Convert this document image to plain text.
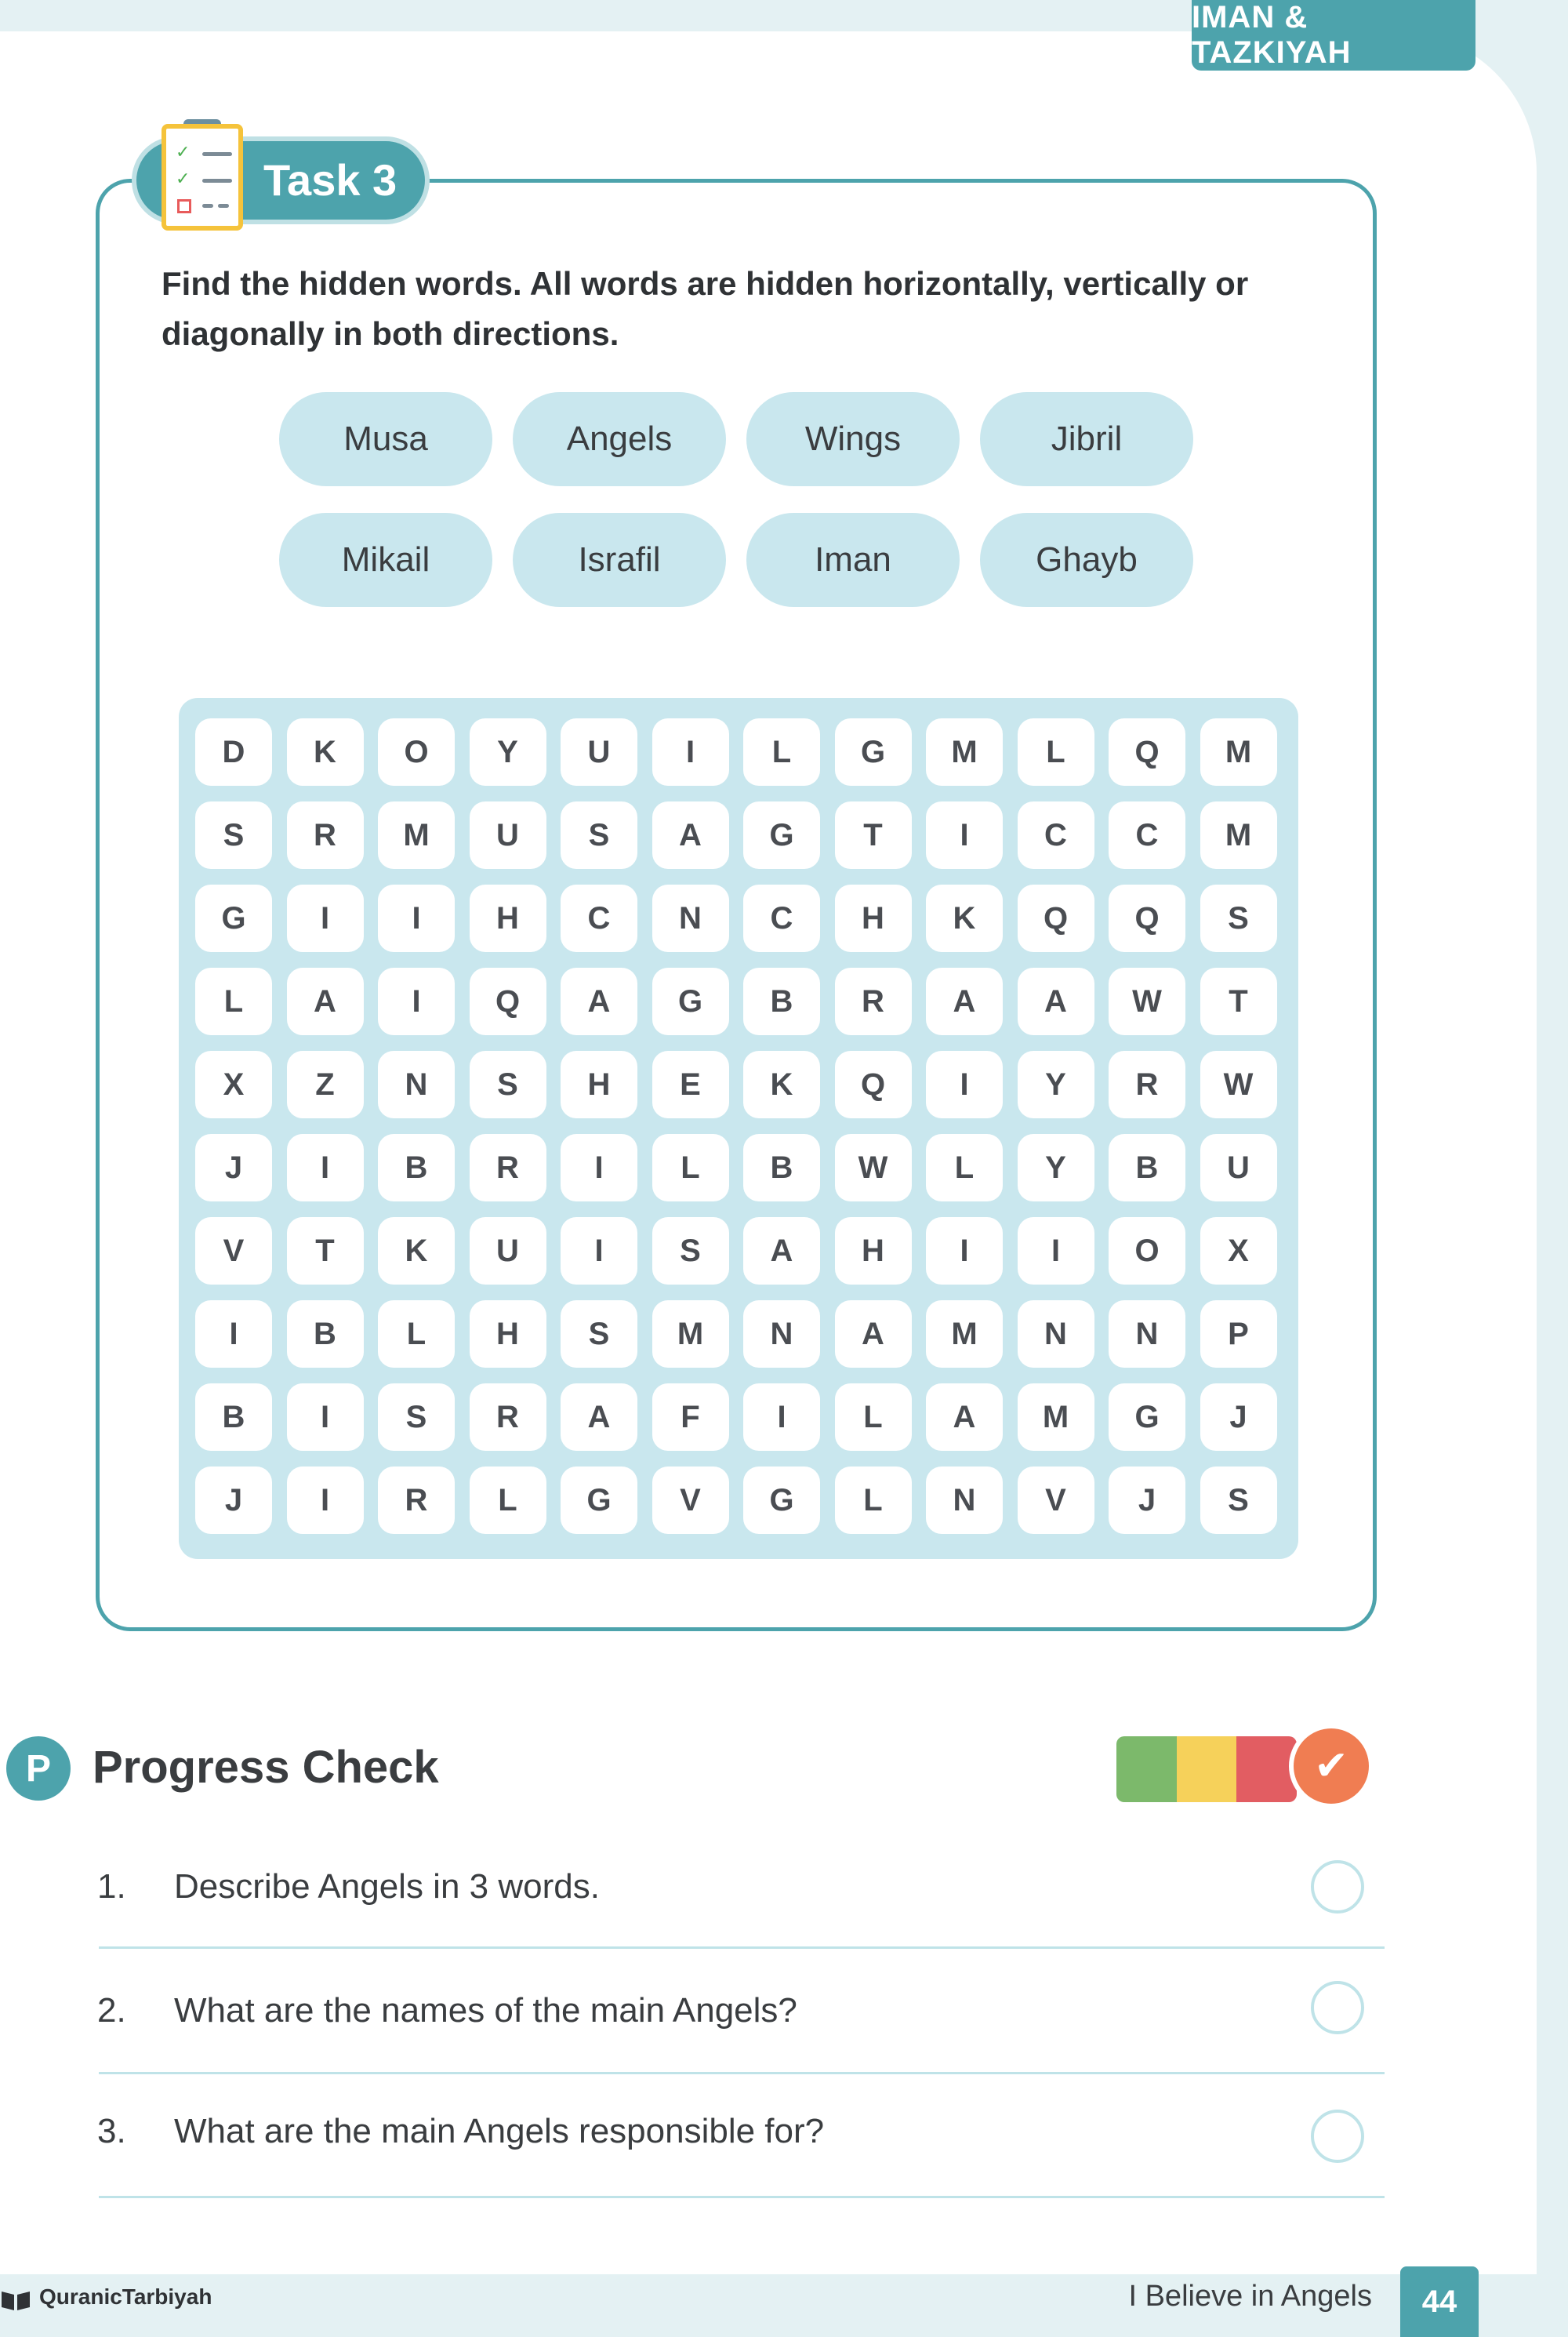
IMAN & TAZKIYAH
✓
✓ Task 3
Find the hidden words. All words are hidden horizontally, vertically or diagonally in both directions.
Musa	Angels	Wings	Jibril
Mikail	Israfil	Iman	Ghayb
D	K	O	Y	U	I	L	G	M	L	Q	M
S	R	M	U	S	A	G	T	I	C	C	M
G	I	I	H	C	N	C	H	K	Q	Q	S
L	A	I	Q	A	G	B	R	A	A	W	T
X	Z	N	S	H	E	K	Q	I	Y	R	W
J	I	B	R	I	L	B	W	L	Y	B	U
V	T	K	U	I	S	A	H	I	I	O	X
I	B	L	H	S	M	N	A	M	N	N	P
B	I	S	R	A	F	I	L	A	M	G	J
J	I	R	L	G	V	G	L	N	V	J	S
P Progress Check	✔
1. Describe Angels in 3 words.
2. What are the names of the main Angels?
3. What are the main Angels responsible for?
QuranicTarbiyah	I Believe in Angels	44
